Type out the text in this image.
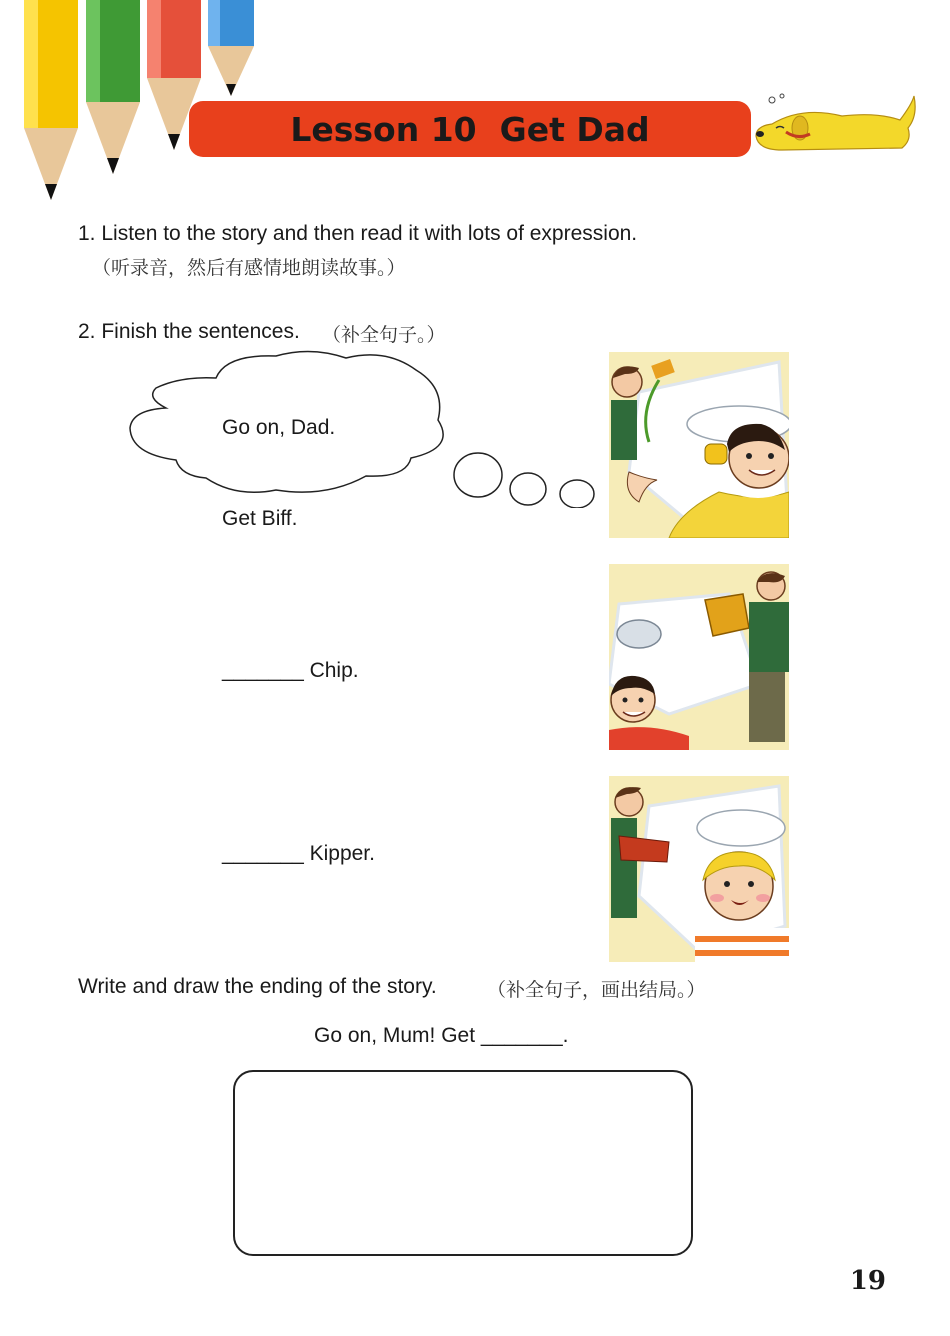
Lesson 10  Get Dad
1. Listen to the story and then read it with lots of expression.
（听录音，然后有感情地朗读故事。）
2. Finish the sentences. （补全句子。）
Go on, Dad.
Get Biff.
_______ Chip.
_______ Kipper.
Write and draw the ending of the story.	（补全句子，画出结局。）
Go on, Mum! Get _______.
19
